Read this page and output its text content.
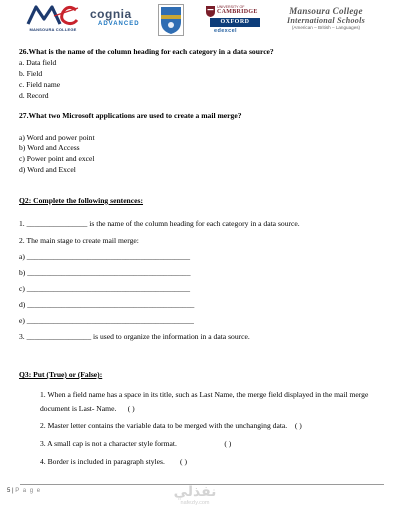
MANSOURA COLLEGE
cognia
ADVANCED
UNIVERSITY OF
CAMBRIDGE
OXFORD
edexcel
Mansoura College
International Schools
(American – British – Languages)
26.What is the name of the column heading for each category in a data source?
a. Data field
b. Field
c. Field name
d. Record
27.What two Microsoft applications are used to create a mail merge?
a) Word and power point
b) Word and Access
c) Power point and excel
d) Word and Excel
Q2: Complete the following sentences:
1. ________________ is the name of the column heading for each category in a data source.
2. The main stage to create mail merge:
a) ___________________________________________
b) ___________________________________________
c) ___________________________________________
d) ____________________________________________
e) ____________________________________________
3. _________________ is used to organize the information in a data source.
Q3: Put (True) or (False):
1. When a field name has a space in its title, such as Last Name, the merge field displayed in the mail merge document is Last- Name. ( )
2. Master letter contains the variable data to be merged with the unchanging data. ( )
3. A small cap is not a character style format.	( )
4. Border is included in paragraph styles. ( )
5 | P a g e	نفذلي
nafezly.com
